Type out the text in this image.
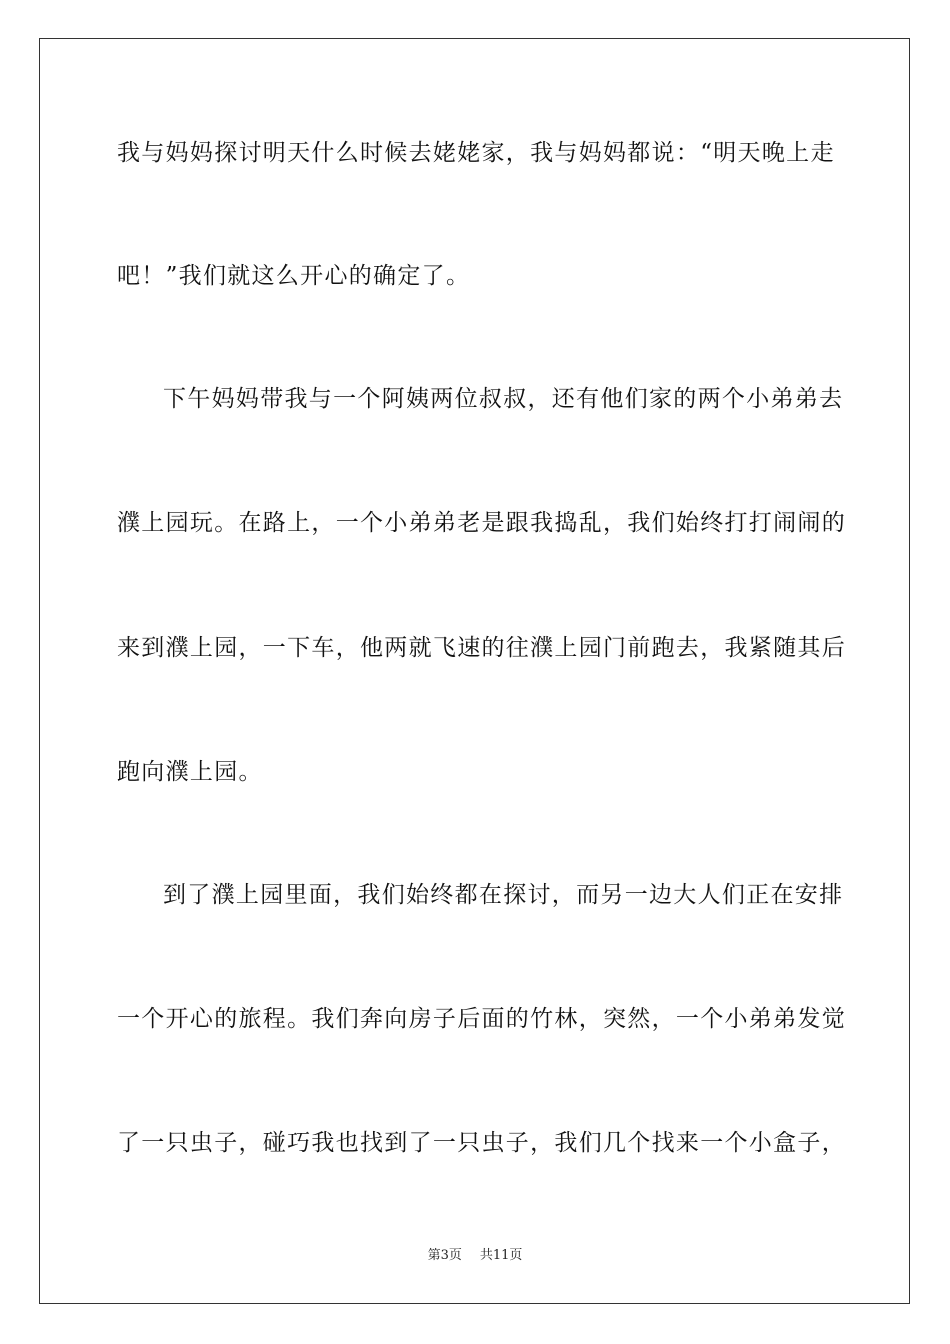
我与妈妈探讨明天什么时候去姥姥家，我与妈妈都说：“明天晚上走
吧！”我们就这么开心的确定了。
下午妈妈带我与一个阿姨两位叔叔，还有他们家的两个小弟弟去
濮上园玩。在路上，一个小弟弟老是跟我捣乱，我们始终打打闹闹的
来到濮上园，一下车，他两就飞速的往濮上园门前跑去，我紧随其后
跑向濮上园。
到了濮上园里面，我们始终都在探讨，而另一边大人们正在安排
一个开心的旅程。我们奔向房子后面的竹林，突然，一个小弟弟发觉
了一只虫子，碰巧我也找到了一只虫子，我们几个找来一个小盒子，
第3页 共11页
